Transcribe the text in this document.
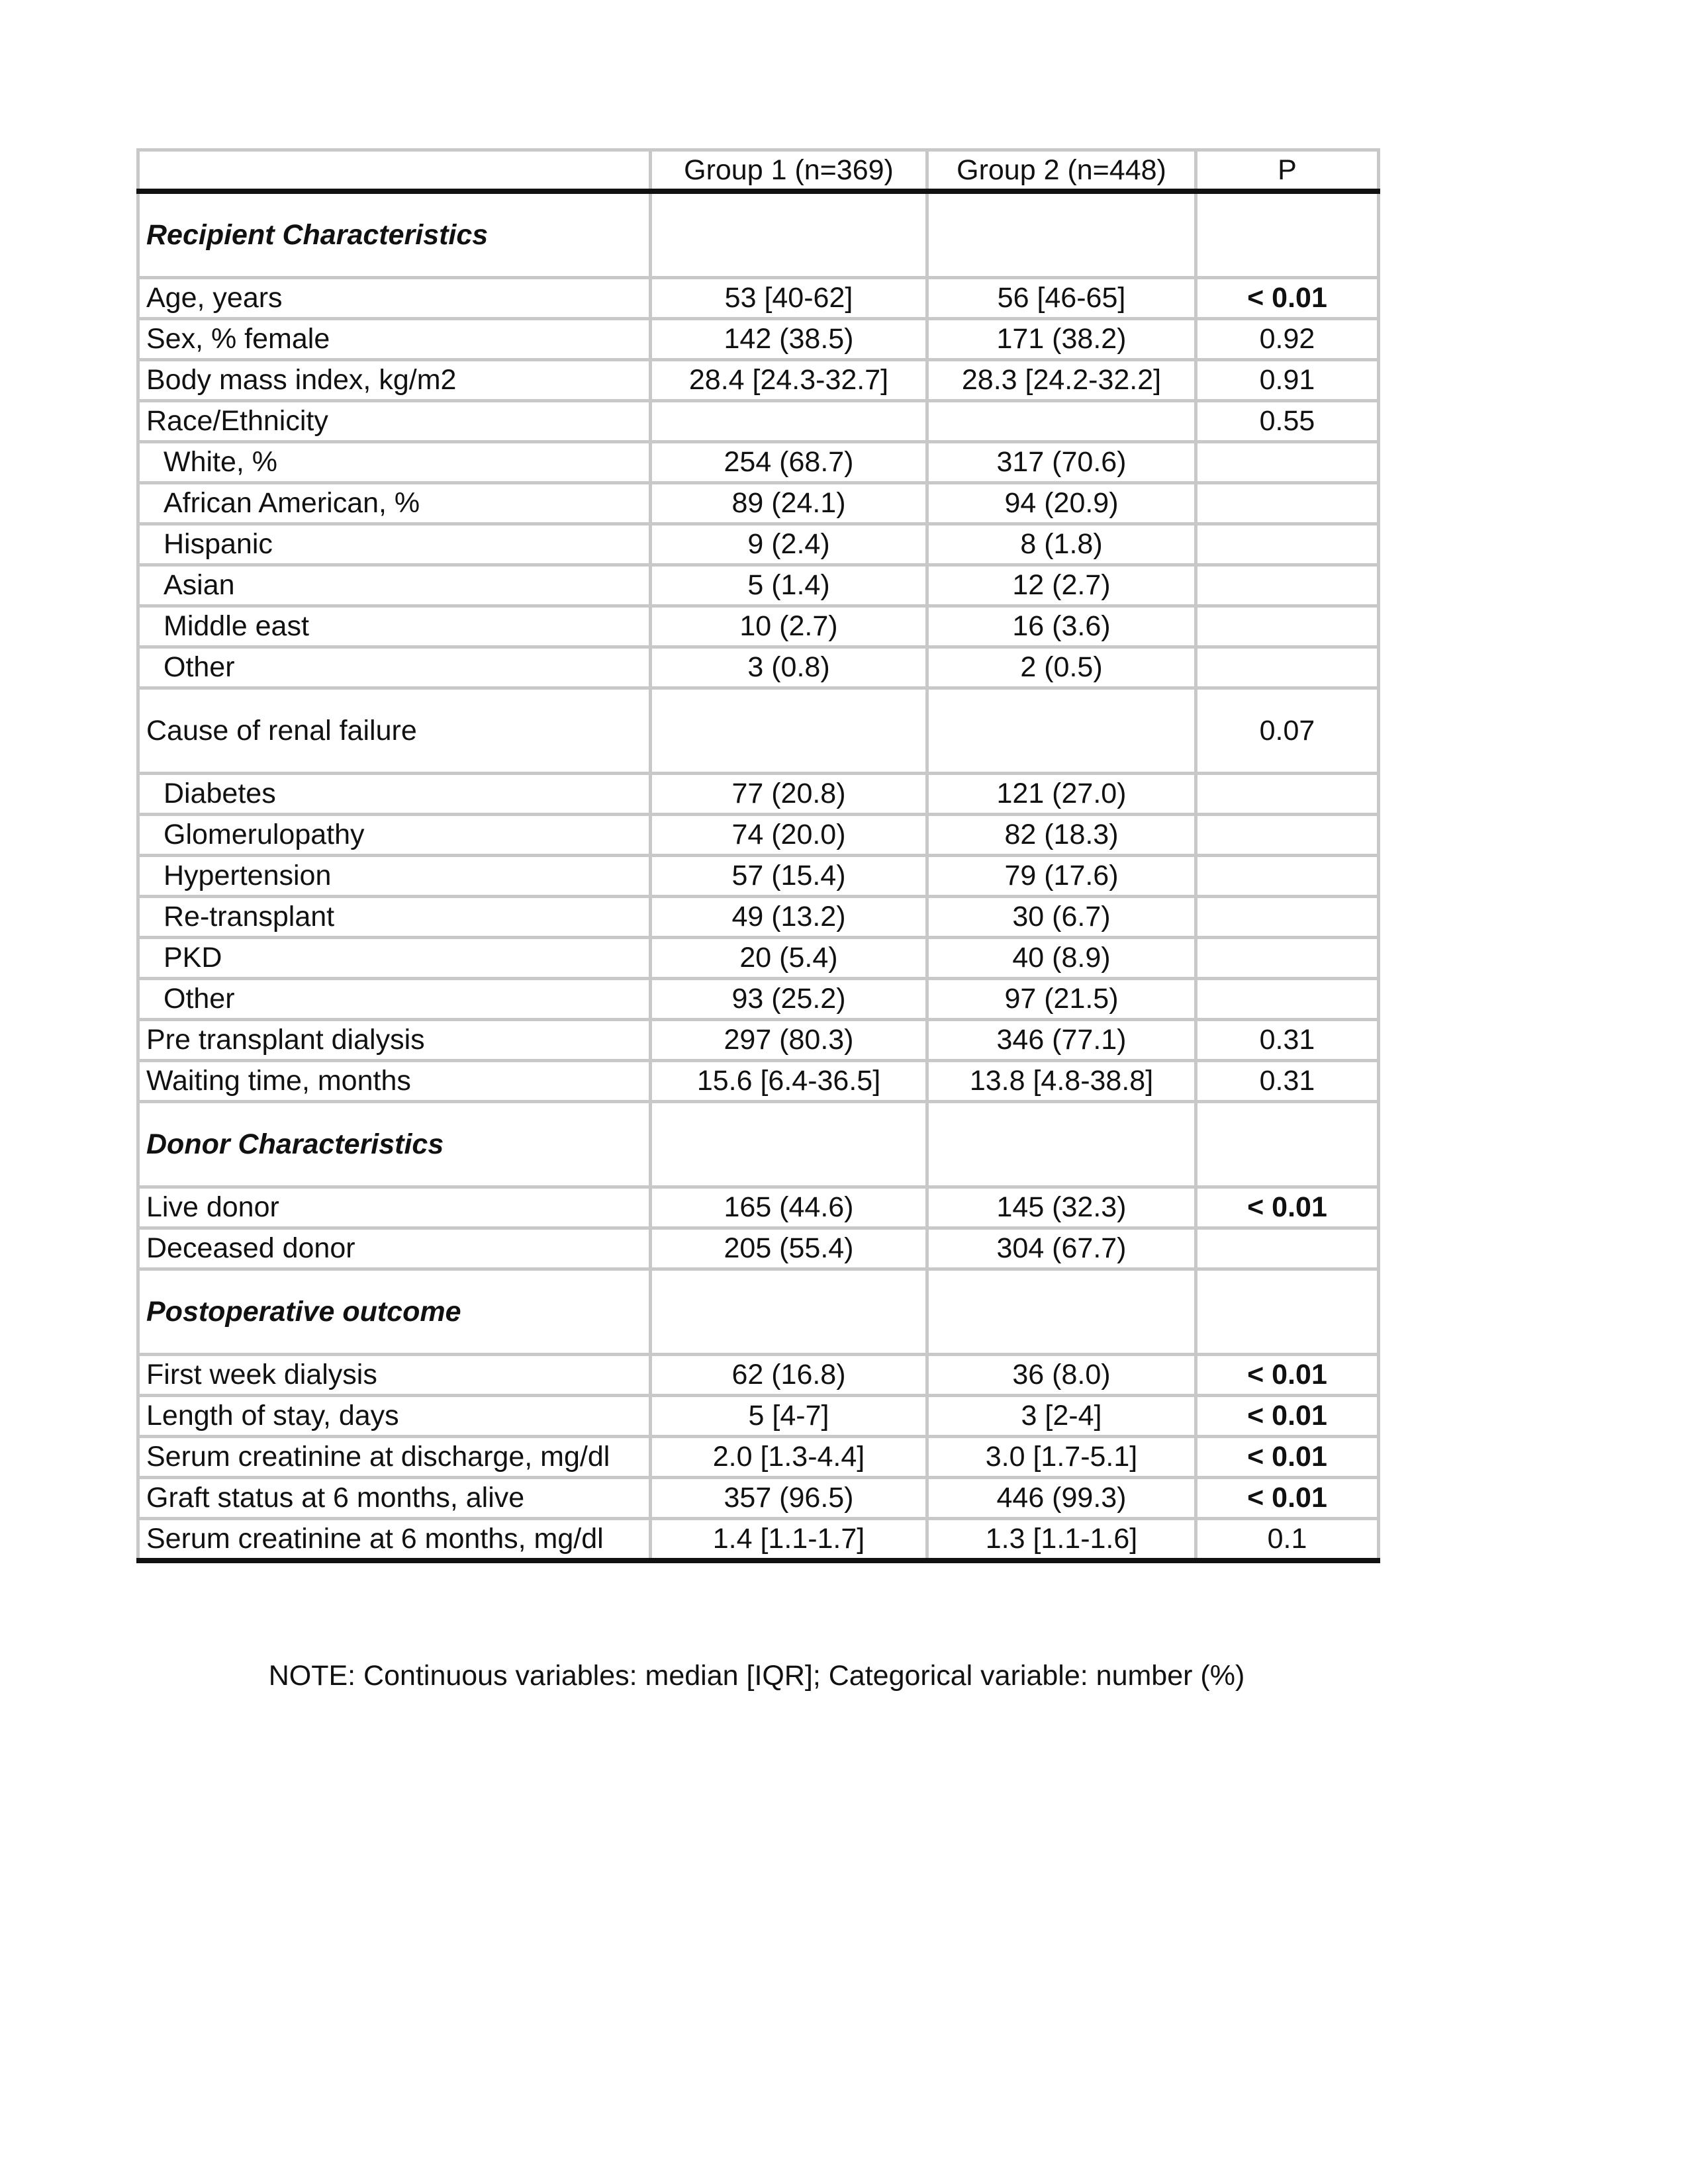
	Group 1 (n=369)	Group 2 (n=448)	P
Recipient Characteristics			
Age, years	53 [40-62]	56 [46-65]	< 0.01
Sex, % female	142 (38.5)	171 (38.2)	0.92
Body mass index, kg/m2	28.4 [24.3-32.7]	28.3 [24.2-32.2]	0.91
Race/Ethnicity			0.55
White, %	254 (68.7)	317 (70.6)	
African American, %	89 (24.1)	94 (20.9)	
Hispanic	9 (2.4)	8 (1.8)	
Asian	5 (1.4)	12 (2.7)	
Middle east	10 (2.7)	16 (3.6)	
Other	3 (0.8)	2 (0.5)	
Cause of renal failure			0.07
Diabetes	77 (20.8)	121 (27.0)	
Glomerulopathy	74 (20.0)	82 (18.3)	
Hypertension	57 (15.4)	79 (17.6)	
Re-transplant	49 (13.2)	30 (6.7)	
PKD	20 (5.4)	40 (8.9)	
Other	93 (25.2)	97 (21.5)	
Pre transplant dialysis	297 (80.3)	346 (77.1)	0.31
Waiting time, months	15.6 [6.4-36.5]	13.8 [4.8-38.8]	0.31
Donor Characteristics			
Live donor	165 (44.6)	145 (32.3)	< 0.01
Deceased donor	205 (55.4)	304 (67.7)	
Postoperative outcome			
First week dialysis	62 (16.8)	36 (8.0)	< 0.01
Length of stay, days	5 [4-7]	3 [2-4]	< 0.01
Serum creatinine at discharge, mg/dl	2.0 [1.3-4.4]	3.0 [1.7-5.1]	< 0.01
Graft status at 6 months, alive	357 (96.5)	446 (99.3)	< 0.01
Serum creatinine at 6 months, mg/dl	1.4 [1.1-1.7]	1.3 [1.1-1.6]	0.1
NOTE: Continuous variables: median [IQR]; Categorical variable: number (%)
